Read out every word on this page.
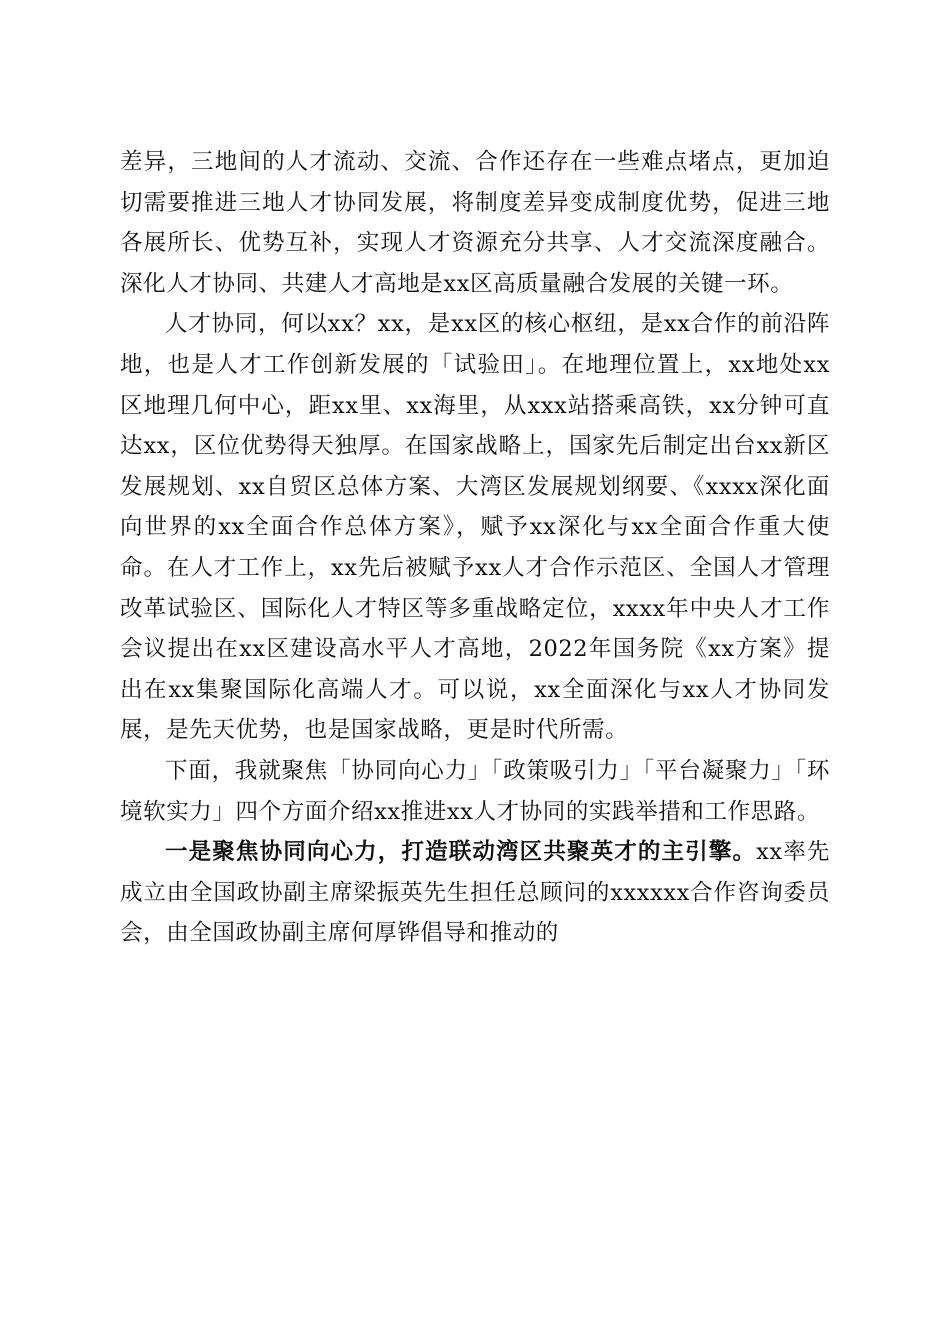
差异，三地间的人才流动、交流、合作还存在一些难点堵点，更加迫切需要推进三地人才协同发展，将制度差异变成制度优势，促进三地各展所长、优势互补，实现人才资源充分共享、人才交流深度融合。深化人才协同、共建人才高地是xx区高质量融合发展的关键一环。

人才协同，何以xx？xx，是xx区的核心枢纽，是xx合作的前沿阵地，也是人才工作创新发展的「试验田」。在地理位置上，xx地处xx区地理几何中心，距xx里、xx海里，从xxx站搭乘高铁，xx分钟可直达xx，区位优势得天独厚。在国家战略上，国家先后制定出台xx新区发展规划、xx自贸区总体方案、大湾区发展规划纲要、《xxxx深化面向世界的xx全面合作总体方案》，赋予xx深化与xx全面合作重大使命。在人才工作上，xx先后被赋予xx人才合作示范区、全国人才管理改革试验区、国际化人才特区等多重战略定位，xxxx年中央人才工作会议提出在xx区建设高水平人才高地，2022年国务院《xx方案》提出在xx集聚国际化高端人才。可以说，xx全面深化与xx人才协同发展，是先天优势，也是国家战略，更是时代所需。

下面，我就聚焦「协同向心力」「政策吸引力」「平台凝聚力」「环境软实力」四个方面介绍xx推进xx人才协同的实践举措和工作思路。

一是聚焦协同向心力，打造联动湾区共聚英才的主引擎。xx率先成立由全国政协副主席梁振英先生担任总顾问的xxxxxx合作咨询委员会，由全国政协副主席何厚铧倡导和推动的
